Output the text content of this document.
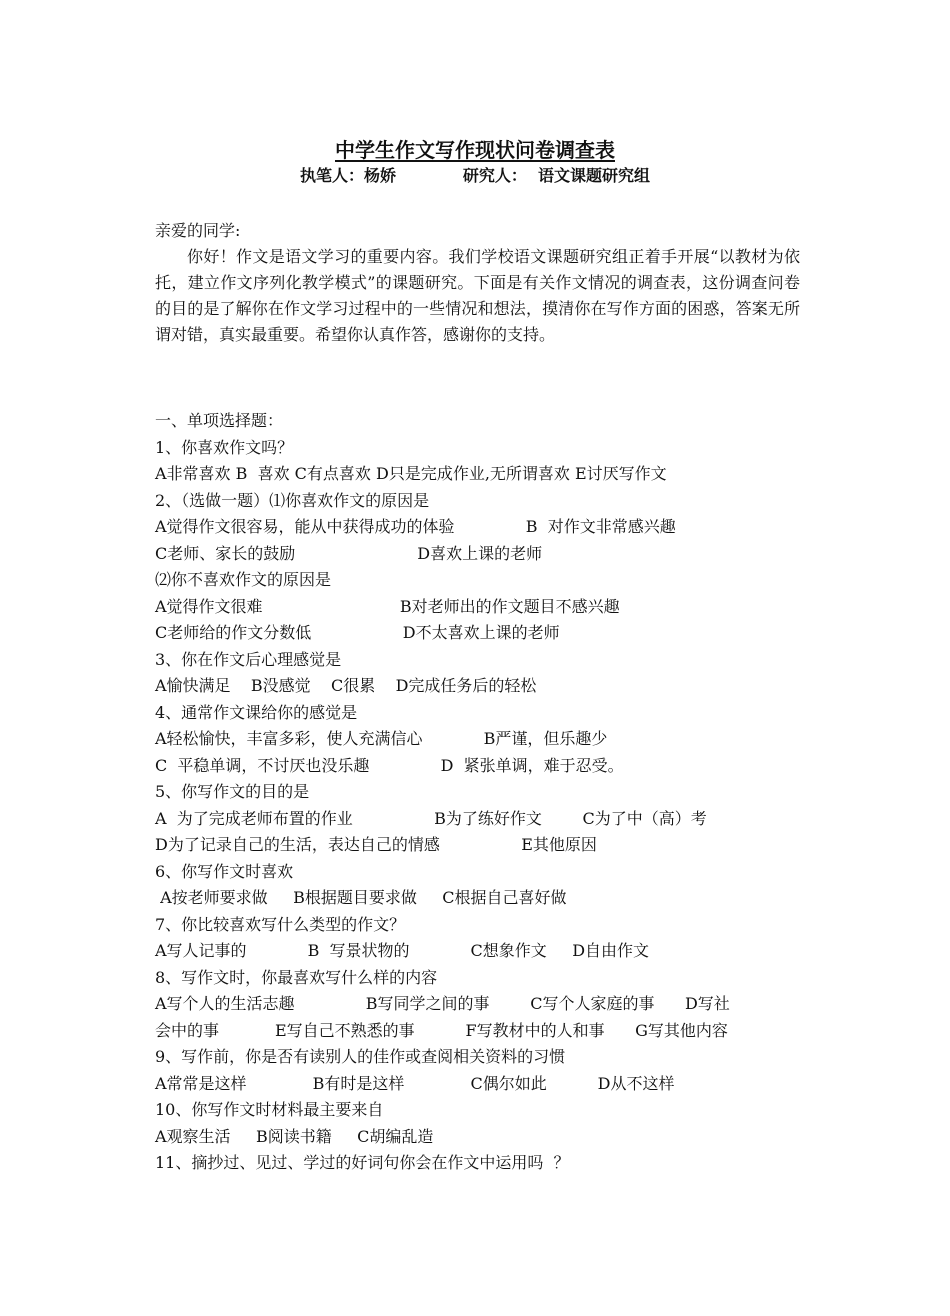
中学生作文写作现状问卷调查表
执笔人：杨娇            研究人：  语文课题研究组
亲爱的同学:
你好！作文是语文学习的重要内容。我们学校语文课题研究组正着手开展“以教材为依托，建立作文序列化教学模式”的课题研究。下面是有关作文情况的调查表，这份调查问卷的目的是了解你在作文学习过程中的一些情况和想法，摸清你在写作方面的困惑，答案无所谓对错，真实最重要。希望你认真作答，感谢你的支持。
一、单项选择题：
1、你喜欢作文吗？
A非常喜欢 B  喜欢 C有点喜欢 D只是完成作业,无所谓喜欢 E讨厌写作文
2、（选做一题）⑴你喜欢作文的原因是
A觉得作文很容易，能从中获得成功的体验              B  对作文非常感兴趣
C老师、家长的鼓励                        D喜欢上课的老师
⑵你不喜欢作文的原因是
A觉得作文很难                           B对老师出的作文题目不感兴趣
C老师给的作文分数低                  D不太喜欢上课的老师
3、你在作文后心理感觉是
A愉快满足    B没感觉    C很累    D完成任务后的轻松
4、通常作文课给你的感觉是
A轻松愉快，丰富多彩，使人充满信心            B严谨，但乐趣少
C  平稳单调，不讨厌也没乐趣              D  紧张单调，难于忍受。
5、你写作文的目的是
A  为了完成老师布置的作业                B为了练好作文        C为了中（高）考
D为了记录自己的生活，表达自己的情感                E其他原因
6、你写作文时喜欢
A按老师要求做     B根据题目要求做     C根据自己喜好做
7、你比较喜欢写什么类型的作文？
A写人记事的            B  写景状物的            C想象作文     D自由作文
8、写作文时，你最喜欢写什么样的内容
A写个人的生活志趣              B写同学之间的事        C写个人家庭的事      D写社
会中的事           E写自己不熟悉的事          F写教材中的人和事      G写其他内容
9、写作前，你是否有读别人的佳作或查阅相关资料的习惯
A常常是这样             B有时是这样             C偶尔如此          D从不这样
10、你写作文时材料最主要来自
A观察生活     B阅读书籍     C胡编乱造
11、摘抄过、见过、学过的好词句你会在作文中运用吗  ？
